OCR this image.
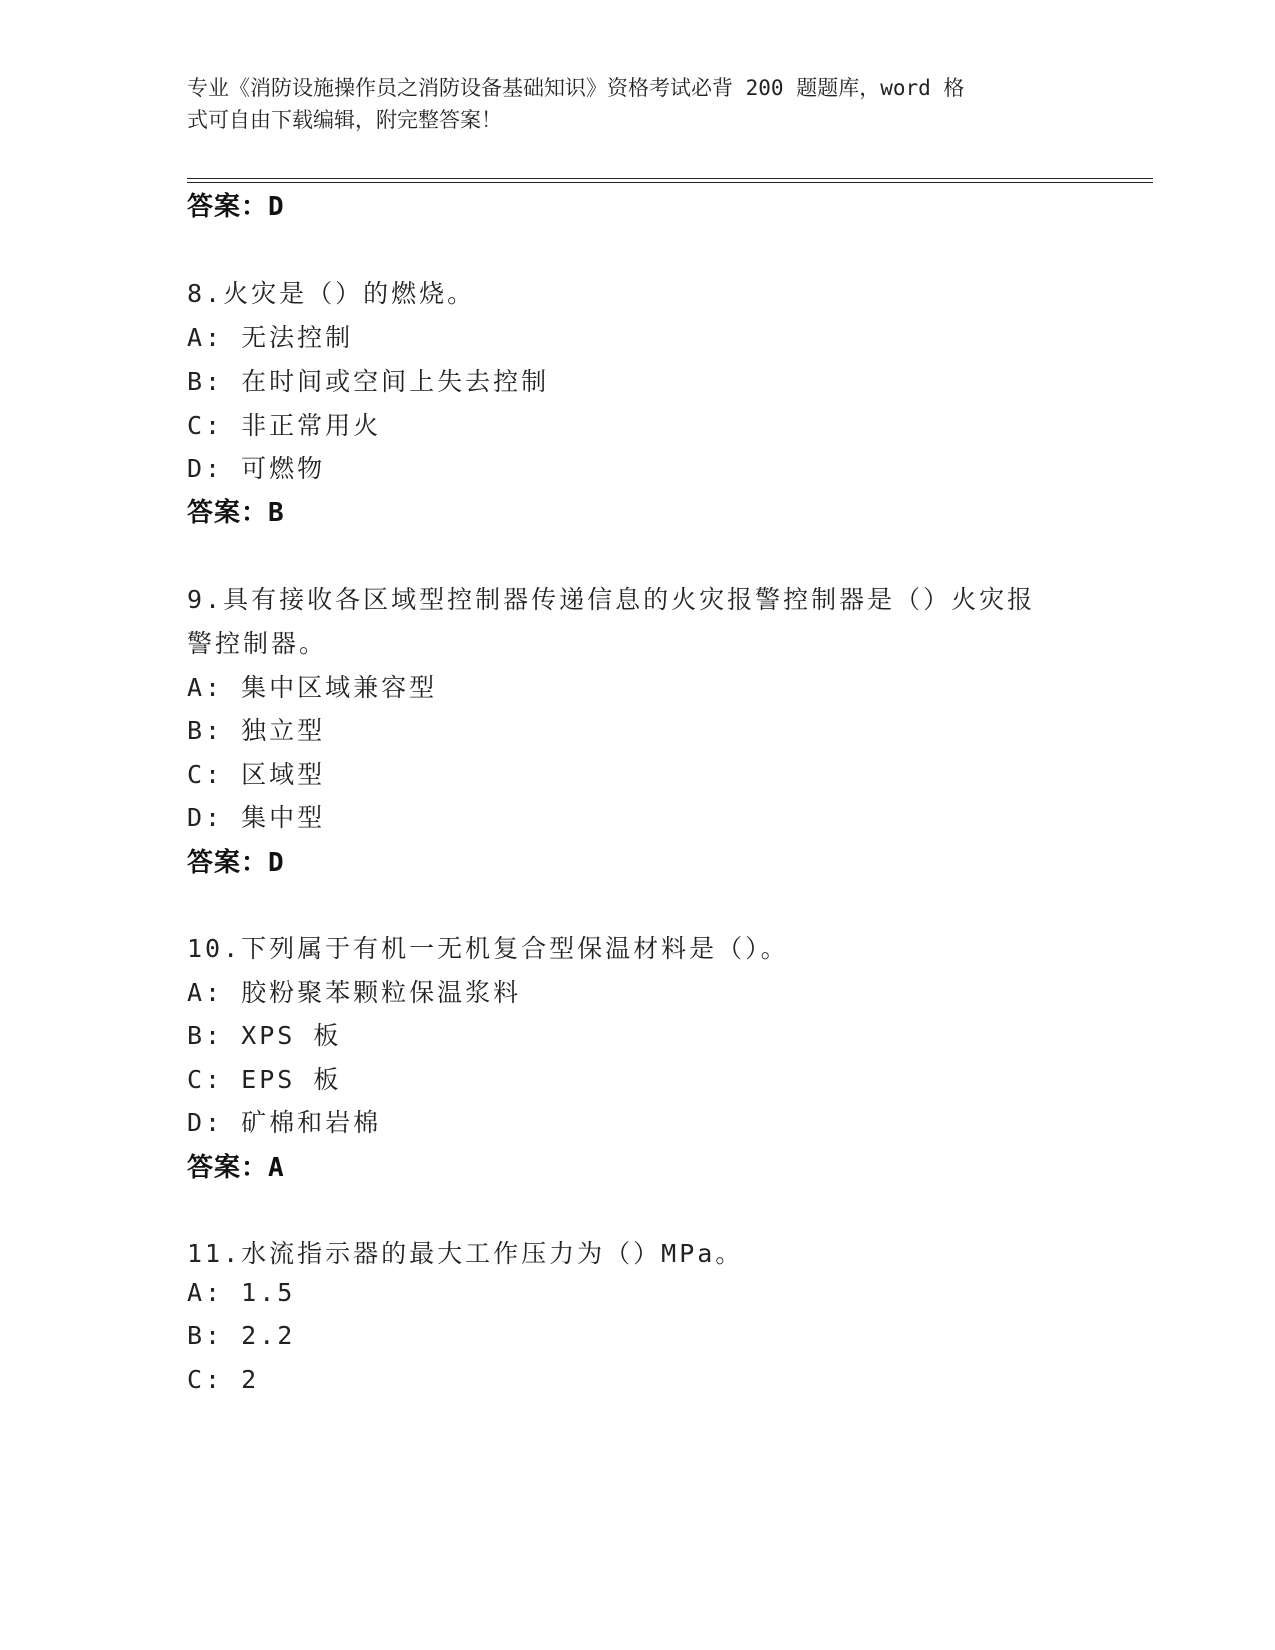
专业《消防设施操作员之消防设备基础知识》资格考试必背 200 题题库，word 格
式可自由下载编辑，附完整答案！
答案：D
8.火灾是（）的燃烧。
A: 无法控制
B: 在时间或空间上失去控制
C: 非正常用火
D: 可燃物
答案：B
9.具有接收各区域型控制器传递信息的火灾报警控制器是（）火灾报
警控制器。
A: 集中区域兼容型
B: 独立型
C: 区域型
D: 集中型
答案：D
10.下列属于有机一无机复合型保温材料是（）。
A: 胶粉聚苯颗粒保温浆料
B: XPS 板
C: EPS 板
D: 矿棉和岩棉
答案：A
11.水流指示器的最大工作压力为（）MPa。
A: 1.5
B: 2.2
C: 2
